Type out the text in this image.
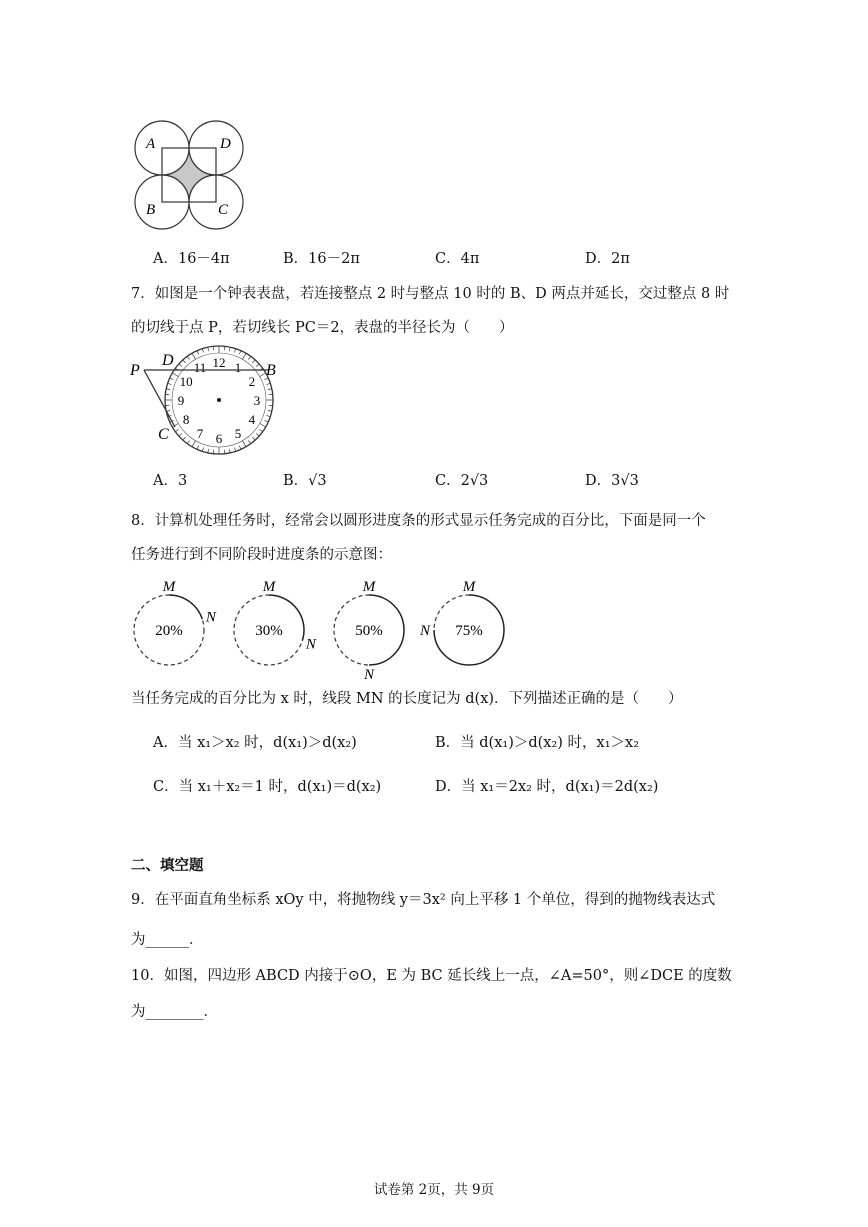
A	D
B	C
A．16－4π	B．16－2π	C．4π	D．2π
7．如图是一个钟表表盘，若连接整点 2 时与整点 10 时的 B、D 两点并延长，交过整点 8 时
的切线于点 P，若切线长 PC＝2，表盘的半径长为（　　）
12 1
2
3
4
5
6
7
8
9
10
11
P
D
B
C
A．3	B．√3	C．2√3	D．3√3
8．计算机处理任务时，经常会以圆形进度条的形式显示任务完成的百分比，下面是同一个
任务进行到不同阶段时进度条的示意图：
20%
M
N
30%
M
N
50%
M
N
75%
M
N
当任务完成的百分比为 x 时，线段 MN 的长度记为 d(x)．下列描述正确的是（　　）
A．当 x₁＞x₂ 时，d(x₁)＞d(x₂)	B．当 d(x₁)＞d(x₂) 时，x₁＞x₂
C．当 x₁＋x₂＝1 时，d(x₁)＝d(x₂)	D．当 x₁＝2x₂ 时，d(x₁)＝2d(x₂)
二、填空题
9．在平面直角坐标系 xOy 中，将抛物线 y＝3x² 向上平移 1 个单位，得到的抛物线表达式
为______．
10．如图，四边形 ABCD 内接于⊙O，E 为 BC 延长线上一点，∠A=50°，则∠DCE 的度数
为________．
试卷第 2页，共 9页
